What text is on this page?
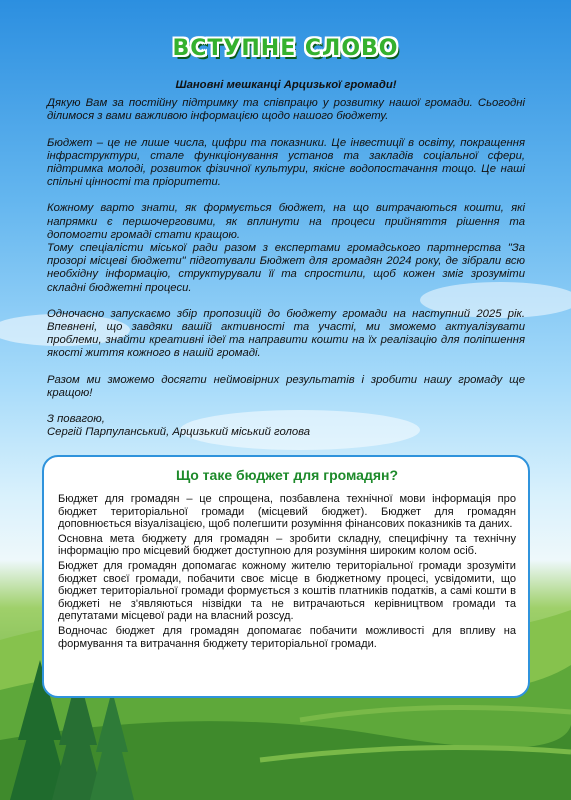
ВСТУПНЕ СЛОВО

Шановні мешканці Арцизької громади!

Дякую Вам за постійну підтримку та співпрацю у розвитку нашої громади. Сьогодні ділимося з вами важливою інформацією щодо нашого бюджету.

Бюджет – це не лише числа, цифри та показники. Це інвестиції в освіту, покращення інфраструктури, стале функціонування установ та закладів соціальної сфери, підтримка молоді, розвиток фізичної культури, якісне водопостачання тощо. Це наші спільні цінності та пріоритети.

Кожному варто знати, як формується бюджет, на що витрачаються кошти, які напрямки є першочерговими, як вплинути на процеси прийняття рішення та допомогти громаді стати кращою.

Тому спеціалісти міської ради разом з експертами громадського партнерства "За прозорі місцеві бюджети" підготували Бюджет для громадян 2024 року, де зібрали всю необхідну інформацію, структурували її та спростили, щоб кожен зміг зрозуміти складні бюджетні процеси.

Одночасно запускаємо збір пропозицій до бюджету громади на наступний 2025 рік. Впевнені, що завдяки вашій активності та участі, ми зможемо актуалізувати проблеми, знайти креативні ідеї та направити кошти на їх реалізацію для поліпшення якості життя кожного в нашій громаді.

Разом ми зможемо досягти неймовірних результатів і зробити нашу громаду ще кращою!

З повагою,

Сергій Парпуланський, Арцизький міський голова

Що таке бюджет для громадян?

Бюджет для громадян – це спрощена, позбавлена технічної мови інформація про бюджет територіальної громади (місцевий бюджет). Бюджет для громадян доповнюється візуалізацією, щоб полегшити розуміння фінансових показників та даних.

Основна мета бюджету для громадян – зробити складну, специфічну та технічну інформацію про місцевий бюджет доступною для розуміння широким колом осіб.

Бюджет для громадян допомагає кожному жителю територіальної громади зрозуміти бюджет своєї громади, побачити своє місце в бюджетному процесі, усвідомити, що бюджет територіальної громади формується з коштів платників податків, а самі кошти в бюджеті не з'являються нізвідки та не витрачаються керівництвом громади та депутатами місцевої ради на власний розсуд.

Водночас бюджет для громадян допомагає побачити можливості для впливу на формування та витрачання бюджету територіальної громади.
